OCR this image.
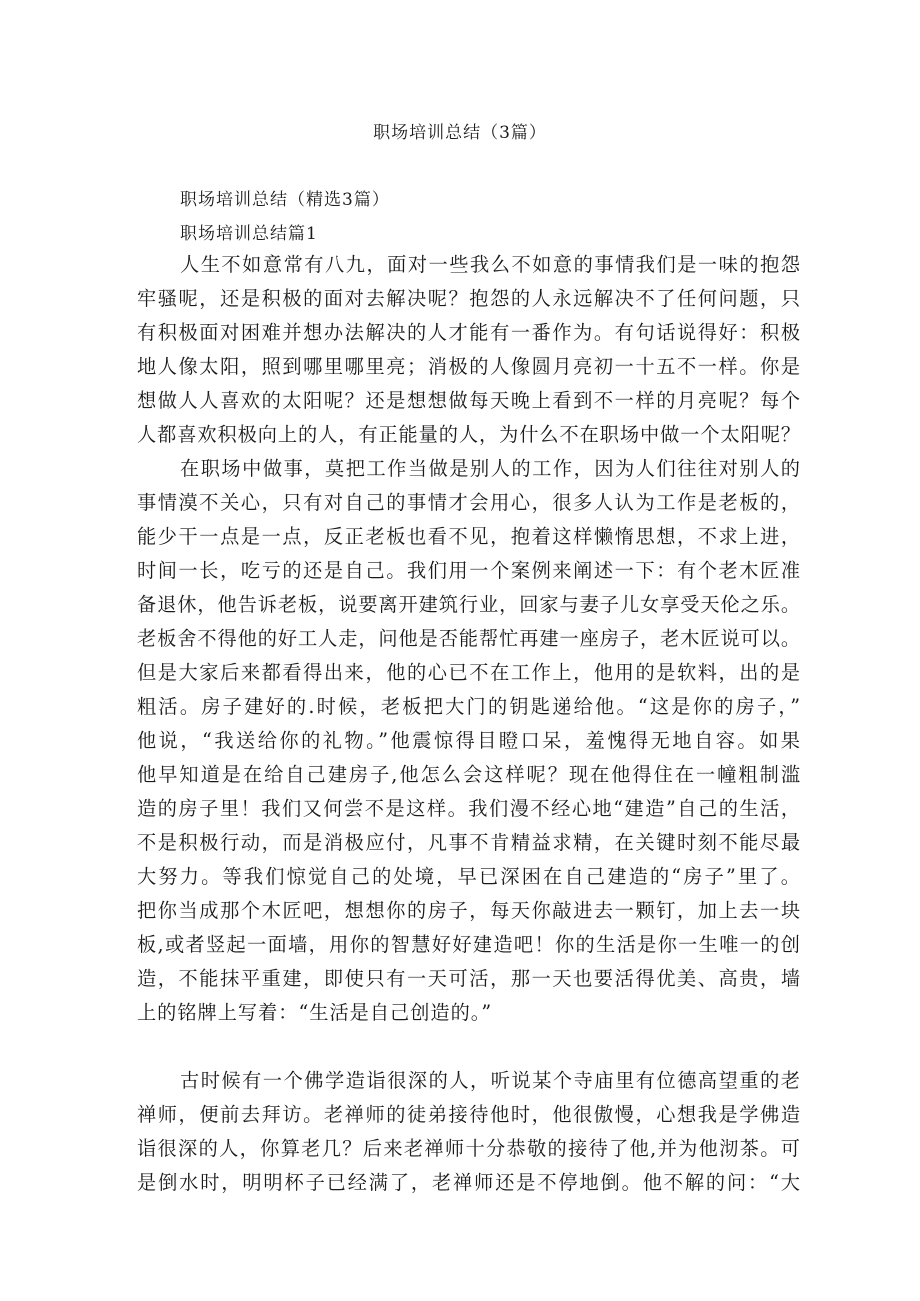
职场培训总结（3篇）
职场培训总结（精选3篇）
职场培训总结篇1
人生不如意常有八九，面对一些我么不如意的事情我们是一味的抱怨
牢骚呢，还是积极的面对去解决呢？抱怨的人永远解决不了任何问题，只
有积极面对困难并想办法解决的人才能有一番作为。有句话说得好：积极
地人像太阳，照到哪里哪里亮；消极的人像圆月亮初一十五不一样。你是
想做人人喜欢的太阳呢？还是想想做每天晚上看到不一样的月亮呢？每个
人都喜欢积极向上的人，有正能量的人，为什么不在职场中做一个太阳呢？
在职场中做事，莫把工作当做是别人的工作，因为人们往往对别人的
事情漠不关心，只有对自己的事情才会用心，很多人认为工作是老板的，
能少干一点是一点，反正老板也看不见，抱着这样懒惰思想，不求上进，
时间一长，吃亏的还是自己。我们用一个案例来阐述一下：有个老木匠准
备退休，他告诉老板，说要离开建筑行业，回家与妻子儿女享受天伦之乐。
老板舍不得他的好工人走，问他是否能帮忙再建一座房子，老木匠说可以。
但是大家后来都看得出来，他的心已不在工作上，他用的是软料，出的是
粗活。房子建好的.时候，老板把大门的钥匙递给他。“这是你的房子，”
他说，“我送给你的礼物。”他震惊得目瞪口呆，羞愧得无地自容。如果
他早知道是在给自己建房子,他怎么会这样呢？现在他得住在一幢粗制滥
造的房子里！我们又何尝不是这样。我们漫不经心地“建造”自己的生活，
不是积极行动，而是消极应付，凡事不肯精益求精，在关键时刻不能尽最
大努力。等我们惊觉自己的处境，早已深困在自己建造的“房子”里了。
把你当成那个木匠吧，想想你的房子，每天你敲进去一颗钉，加上去一块
板,或者竖起一面墙，用你的智慧好好建造吧！你的生活是你一生唯一的创
造，不能抹平重建，即使只有一天可活，那一天也要活得优美、高贵，墙
上的铭牌上写着：“生活是自己创造的。”
古时候有一个佛学造诣很深的人，听说某个寺庙里有位德高望重的老
禅师，便前去拜访。老禅师的徒弟接待他时，他很傲慢，心想我是学佛造
诣很深的人，你算老几？后来老禅师十分恭敬的接待了他,并为他沏茶。可
是倒水时，明明杯子已经满了，老禅师还是不停地倒。他不解的问：“大
